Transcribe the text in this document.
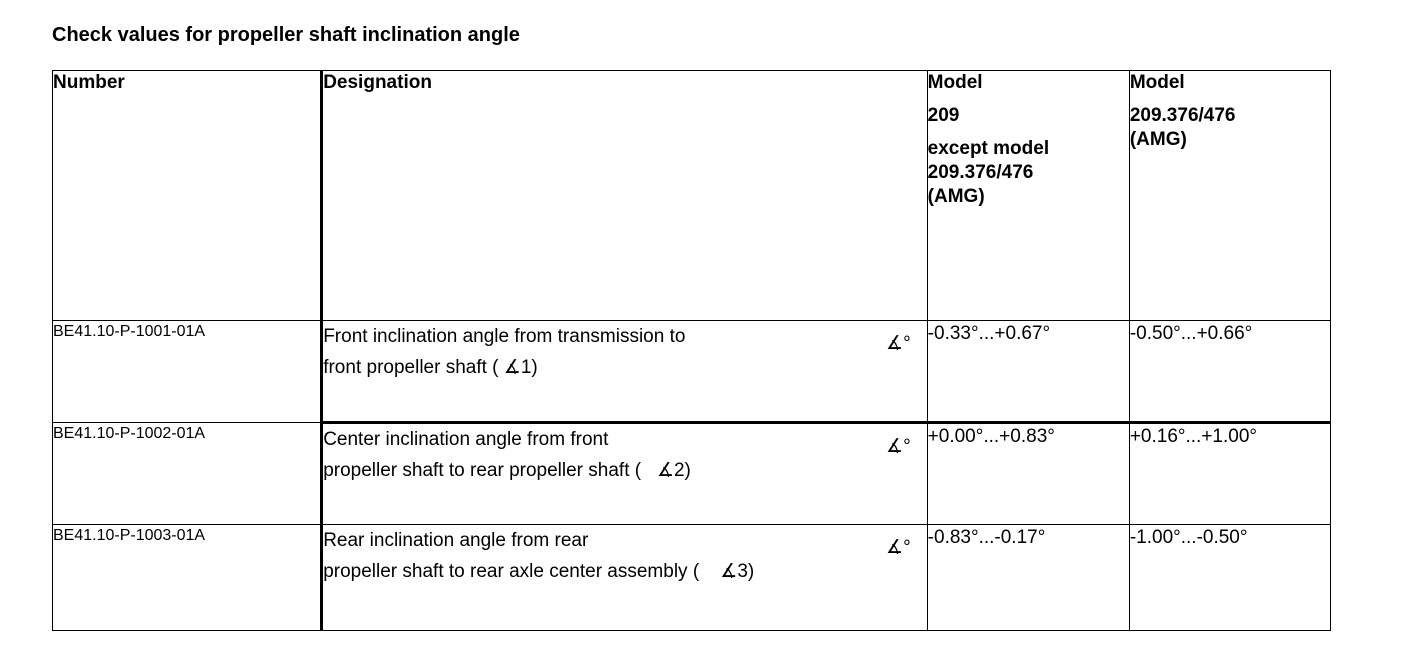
Check values for propeller shaft inclination angle
Number	Designation	Model
209
except model
209.376/476
(AMG)	Model
209.376/476
(AMG)

BE41.10-P-1001-01A	Front inclination angle from transmission to
front propeller shaft ( ∡1)
∡°	-0.33°...+0.67°	-0.50°...+0.66°
BE41.10-P-1002-01A	Center inclination angle from front
propeller shaft to rear propeller shaft ( ∡2)
∡°	+0.00°...+0.83°	+0.16°...+1.00°
BE41.10-P-1003-01A	Rear inclination angle from rear
propeller shaft to rear axle center assembly ( ∡3)
∡°	-0.83°...-0.17°	-1.00°...-0.50°
